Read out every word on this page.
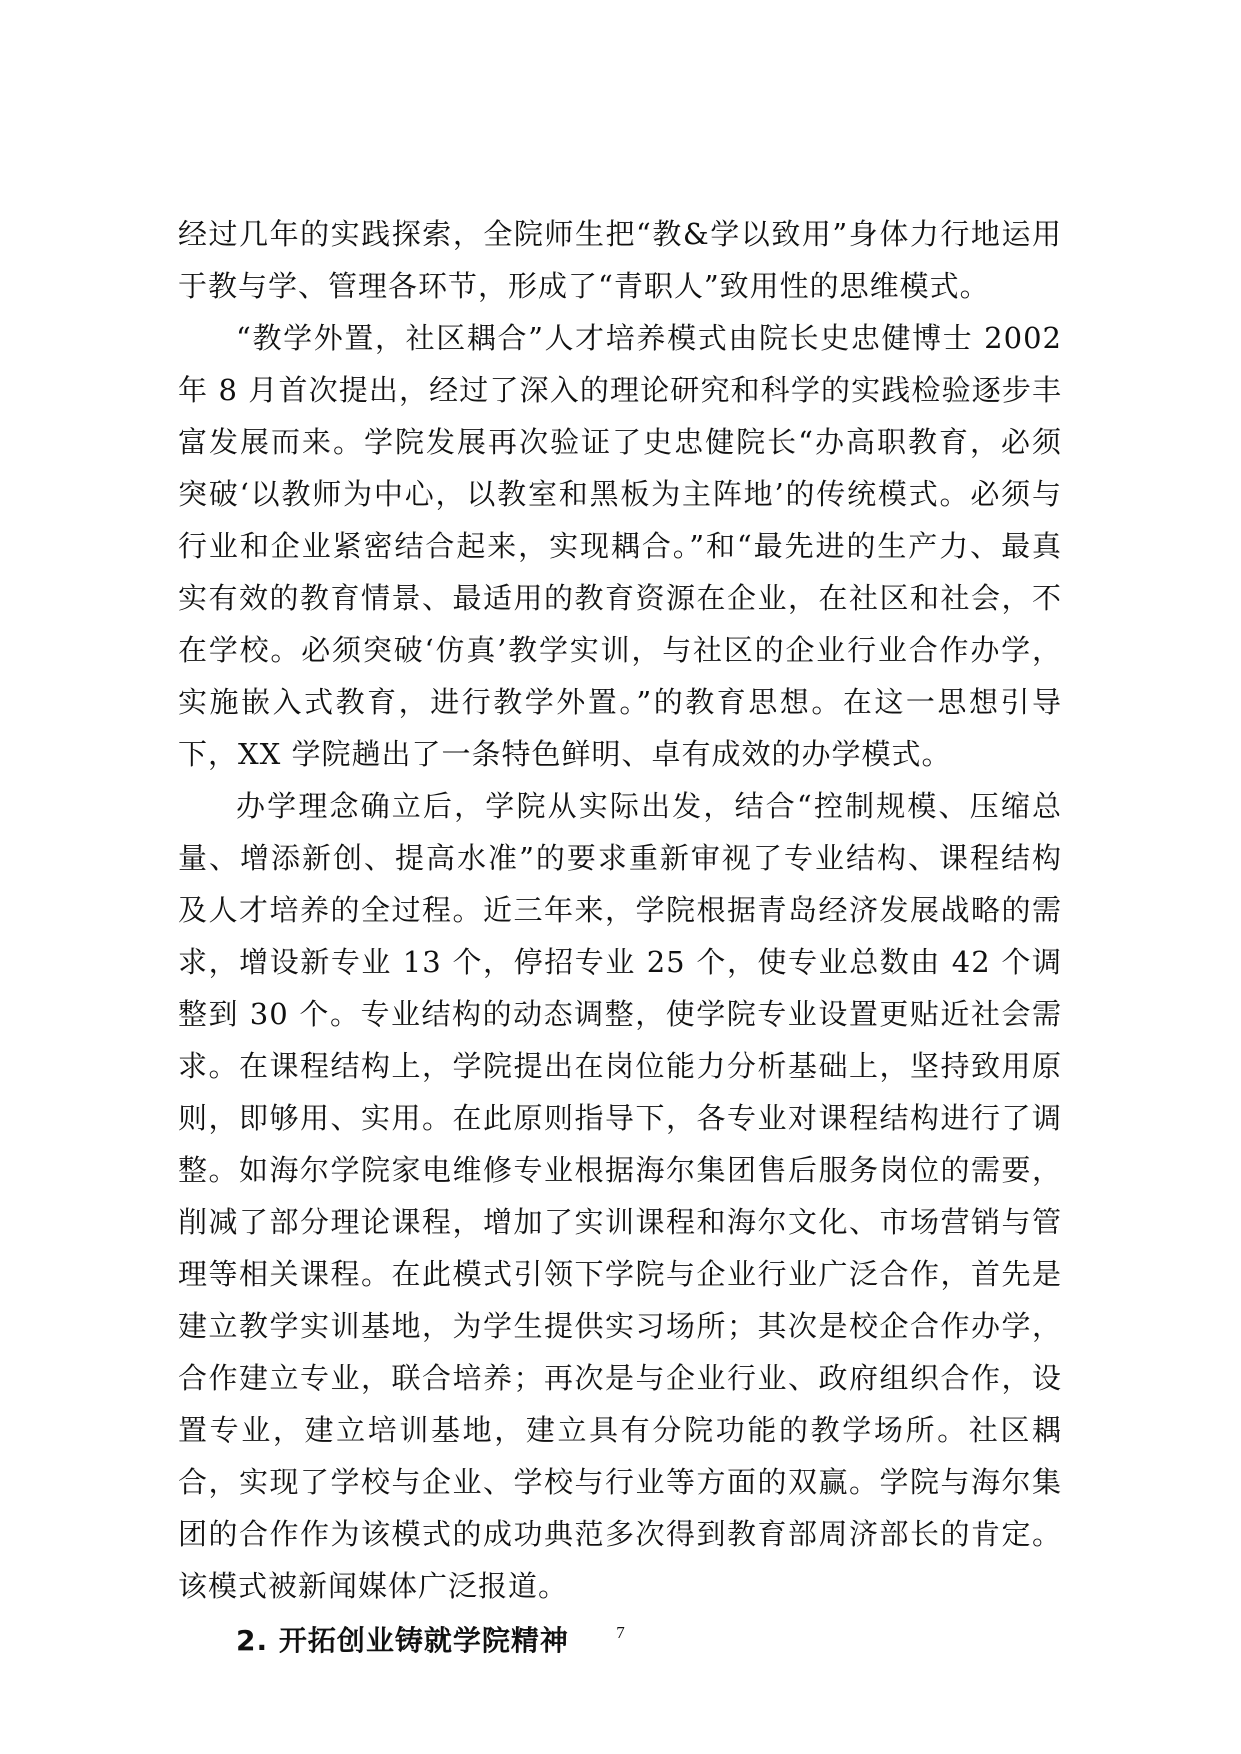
经过几年的实践探索，全院师生把“教&学以致用”身体力行地运用于教与学、管理各环节，形成了“青职人”致用性的思维模式。

“教学外置，社区耦合”人才培养模式由院长史忠健博士 2002 年 8 月首次提出，经过了深入的理论研究和科学的实践检验逐步丰富发展而来。学院发展再次验证了史忠健院长“办高职教育，必须突破‘以教师为中心，以教室和黑板为主阵地’的传统模式。必须与行业和企业紧密结合起来，实现耦合。”和“最先进的生产力、最真实有效的教育情景、最适用的教育资源在企业，在社区和社会，不在学校。必须突破‘仿真’教学实训，与社区的企业行业合作办学，实施嵌入式教育，进行教学外置。”的教育思想。在这一思想引导下，XX 学院趟出了一条特色鲜明、卓有成效的办学模式。

办学理念确立后，学院从实际出发，结合“控制规模、压缩总量、增添新创、提高水准”的要求重新审视了专业结构、课程结构及人才培养的全过程。近三年来，学院根据青岛经济发展战略的需求，增设新专业 13 个，停招专业 25 个，使专业总数由 42 个调整到 30 个。专业结构的动态调整，使学院专业设置更贴近社会需求。在课程结构上，学院提出在岗位能力分析基础上，坚持致用原则，即够用、实用。在此原则指导下，各专业对课程结构进行了调整。如海尔学院家电维修专业根据海尔集团售后服务岗位的需要，削减了部分理论课程，增加了实训课程和海尔文化、市场营销与管理等相关课程。在此模式引领下学院与企业行业广泛合作，首先是建立教学实训基地，为学生提供实习场所；其次是校企合作办学，合作建立专业，联合培养；再次是与企业行业、政府组织合作，设置专业，建立培训基地，建立具有分院功能的教学场所。社区耦合，实现了学校与企业、学校与行业等方面的双赢。学院与海尔集团的合作作为该模式的成功典范多次得到教育部周济部长的肯定。该模式被新闻媒体广泛报道。

2. 开拓创业铸就学院精神	7
